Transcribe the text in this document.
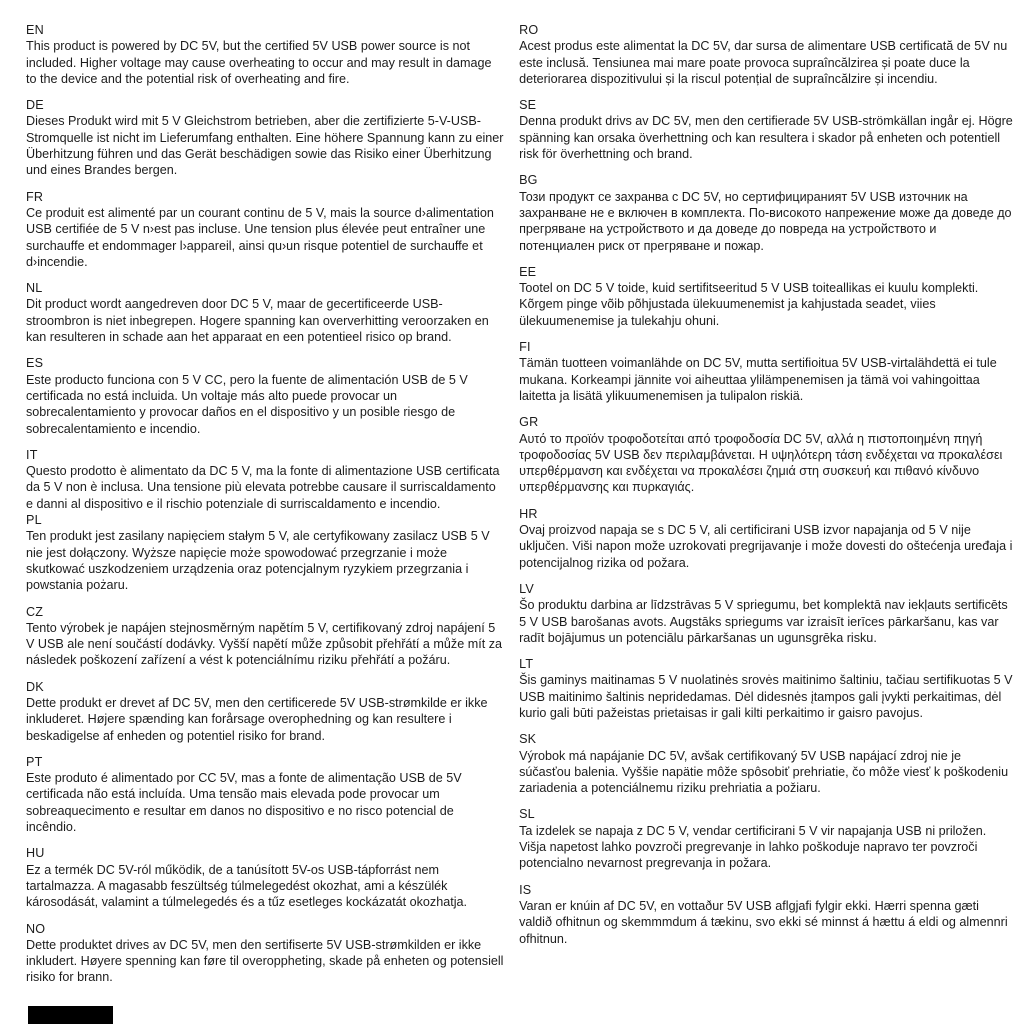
EN
This product is powered by DC 5V, but the certified 5V USB power source is not included. Higher voltage may cause overheating to occur and may result in damage to the device and the potential risk of overheating and fire.
DE
Dieses Produkt wird mit 5 V Gleichstrom betrieben, aber die zertifizierte 5-V-USB-Stromquelle ist nicht im Lieferumfang enthalten. Eine höhere Spannung kann zu einer Überhitzung führen und das Gerät beschädigen sowie das Risiko einer Überhitzung und eines Brandes bergen.
FR
Ce produit est alimenté par un courant continu de 5 V, mais la source d›alimentation USB certifiée de 5 V n›est pas incluse. Une tension plus élevée peut entraîner une surchauffe et endommager l›appareil, ainsi qu›un risque potentiel de surchauffe et d›incendie.
NL
Dit product wordt aangedreven door DC 5 V, maar de gecertificeerde USB-stroombron is niet inbegrepen. Hogere spanning kan oververhitting veroorzaken en kan resulteren in schade aan het apparaat en een potentieel risico op brand.
ES
Este producto funciona con 5 V CC, pero la fuente de alimentación USB de 5 V certificada no está incluida. Un voltaje más alto puede provocar un sobrecalentamiento y provocar daños en el dispositivo y un posible riesgo de sobrecalentamiento e incendio.
IT
Questo prodotto è alimentato da DC 5 V, ma la fonte di alimentazione USB certificata da 5 V non è inclusa. Una tensione più elevata potrebbe causare il surriscaldamento e danni al dispositivo e il rischio potenziale di surriscaldamento e incendio.
PL
Ten produkt jest zasilany napięciem stałym 5 V, ale certyfikowany zasilacz USB 5 V nie jest dołączony. Wyższe napięcie może spowodować przegrzanie i może skutkować uszkodzeniem urządzenia oraz potencjalnym ryzykiem przegrzania i powstania pożaru.
CZ
Tento výrobek je napájen stejnosměrným napětím 5 V, certifikovaný zdroj napájení 5 V USB ale není součástí dodávky. Vyšší napětí může způsobit přehřátí a může mít za následek poškození zařízení a vést k potenciálnímu riziku přehřátí a požáru.
DK
Dette produkt er drevet af DC 5V, men den certificerede 5V USB-strømkilde er ikke inkluderet. Højere spænding kan forårsage overophedning og kan resultere i beskadigelse af enheden og potentiel risiko for brand.
PT
Este produto é alimentado por CC 5V, mas a fonte de alimentação USB de 5V certificada não está incluída. Uma tensão mais elevada pode provocar um sobreaquecimento e resultar em danos no dispositivo e no risco potencial de incêndio.
HU
Ez a termék DC 5V-ról működik, de a tanúsított 5V-os USB-tápforrást nem tartalmazza. A magasabb feszültség túlmelegedést okozhat, ami a készülék károsodását, valamint a túlmelegedés és a tűz esetleges kockázatát okozhatja.
NO
Dette produktet drives av DC 5V, men den sertifiserte 5V USB-strømkilden er ikke inkludert. Høyere spenning kan føre til overoppheting, skade på enheten og potensiell risiko for brann.
RO
Acest produs este alimentat la DC 5V, dar sursa de alimentare USB certificată de 5V nu este inclusă. Tensiunea mai mare poate provoca supraîncălzirea și poate duce la deteriorarea dispozitivului și la riscul potențial de supraîncălzire și incendiu.
SE
Denna produkt drivs av DC 5V, men den certifierade 5V USB-strömkällan ingår ej. Högre spänning kan orsaka överhettning och kan resultera i skador på enheten och potentiell risk för överhettning och brand.
BG
Този продукт се захранва с DC 5V, но сертифицираният 5V USB източник на захранване не е включен в комплекта. По-високото напрежение може да доведе до прегряване на устройството и да доведе до повреда на устройството и потенциален риск от прегряване и пожар.
EE
Tootel on DC 5 V toide, kuid sertifitseeritud 5 V USB toiteallikas ei kuulu komplekti. Kõrgem pinge võib põhjustada ülekuumenemist ja kahjustada seadet, viies ülekuumenemise ja tulekahju ohuni.
FI
Tämän tuotteen voimanlähde on DC 5V, mutta sertifioitua 5V USB-virtalähdettä ei tule mukana. Korkeampi jännite voi aiheuttaa ylilämpenemisen ja tämä voi vahingoittaa laitetta ja lisätä ylikuumenemisen ja tulipalon riskiä.
GR
Αυτό το προϊόν τροφοδοτείται από τροφοδοσία DC 5V, αλλά η πιστοποιημένη πηγή τροφοδοσίας 5V USB δεν περιλαμβάνεται. Η υψηλότερη τάση ενδέχεται να προκαλέσει υπερθέρμανση και ενδέχεται να προκαλέσει ζημιά στη συσκευή και πιθανό κίνδυνο υπερθέρμανσης και πυρκαγιάς.
HR
Ovaj proizvod napaja se s DC 5 V, ali certificirani USB izvor napajanja od 5 V nije uključen. Viši napon može uzrokovati pregrijavanje i može dovesti do oštećenja uređaja i potencijalnog rizika od požara.
LV
Šo produktu darbina ar līdzstrāvas 5 V spriegumu, bet komplektā nav iekļauts sertificēts 5 V USB barošanas avots. Augstāks spriegums var izraisīt ierīces pārkaršanu, kas var radīt bojājumus un potenciālu pārkaršanas un ugunsgrēka risku.
LT
Šis gaminys maitinamas 5 V nuolatinės srovės maitinimo šaltiniu, tačiau sertifikuotas 5 V USB maitinimo šaltinis nepridedamas. Dėl didesnės įtampos gali įvykti perkaitimas, dėl kurio gali būti pažeistas prietaisas ir gali kilti perkaitimo ir gaisro pavojus.
SK
Výrobok má napájanie DC 5V, avšak certifikovaný 5V USB napájací zdroj nie je súčasťou balenia. Vyššie napätie môže spôsobiť prehriatie, čo môže viesť k poškodeniu zariadenia a potenciálnemu riziku prehriatia a požiaru.
SL
Ta izdelek se napaja z DC 5 V, vendar certificirani 5 V vir napajanja USB ni priložen. Višja napetost lahko povzroči pregrevanje in lahko poškoduje napravo ter povzroči potencialno nevarnost pregrevanja in požara.
IS
Varan er knúin af DC 5V, en vottaður 5V USB aflgjafi fylgir ekki. Hærri spenna gæti valdið ofhitnun og skemmmdum á tækinu, svo ekki sé minnst á hættu á eldi og almennri ofhitnun.
